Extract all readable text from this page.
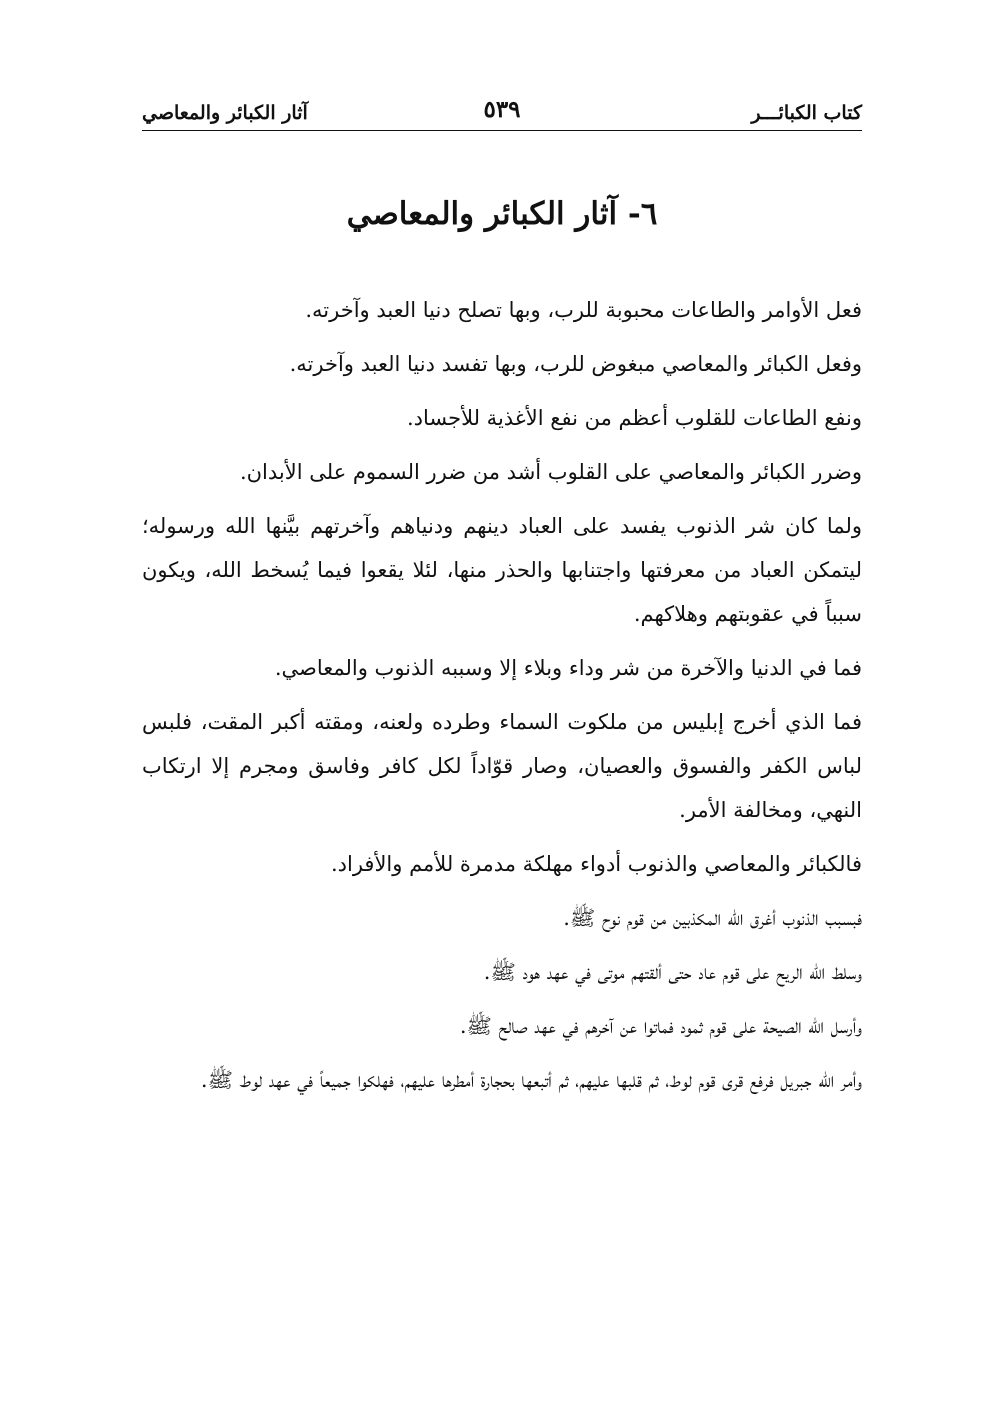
كتاب الكبائـــر
٥٣٩
آثار الكبائر والمعاصي
٦- آثار الكبائر والمعاصي

فعل الأوامر والطاعات محبوبة للرب، وبها تصلح دنيا العبد وآخرته.

وفعل الكبائر والمعاصي مبغوض للرب، وبها تفسد دنيا العبد وآخرته.

ونفع الطاعات للقلوب أعظم من نفع الأغذية للأجساد.

وضرر الكبائر والمعاصي على القلوب أشد من ضرر السموم على الأبدان.

ولما كان شر الذنوب يفسد على العباد دينهم ودنياهم وآخرتهم بيَّنها الله ورسوله؛ ليتمكن العباد من معرفتها واجتنابها والحذر منها، لئلا يقعوا فيما يُسخط الله، ويكون سبباً في عقوبتهم وهلاكهم.

فما في الدنيا والآخرة من شر وداء وبلاء إلا وسببه الذنوب والمعاصي.

فما الذي أخرج إبليس من ملكوت السماء وطرده ولعنه، ومقته أكبر المقت، فلبس لباس الكفر والفسوق والعصيان، وصار قوّاداً لكل كافر وفاسق ومجرم إلا ارتكاب النهي، ومخالفة الأمر.

فالكبائر والمعاصي والذنوب أدواء مهلكة مدمرة للأمم والأفراد.

فبسبب الذنوب أغرق الله المكذبين من قوم نوح ﷺ.

وسلط الله الريح على قوم عاد حتى ألقتهم موتى في عهد هود ﷺ.

وأرسل الله الصيحة على قوم ثمود فماتوا عن آخرهم في عهد صالح ﷺ.

وأمر الله جبريل فرفع قرى قوم لوط، ثم قلبها عليهم، ثم أتبعها بحجارة أمطرها عليهم، فهلكوا جميعاً في عهد لوط ﷺ.
